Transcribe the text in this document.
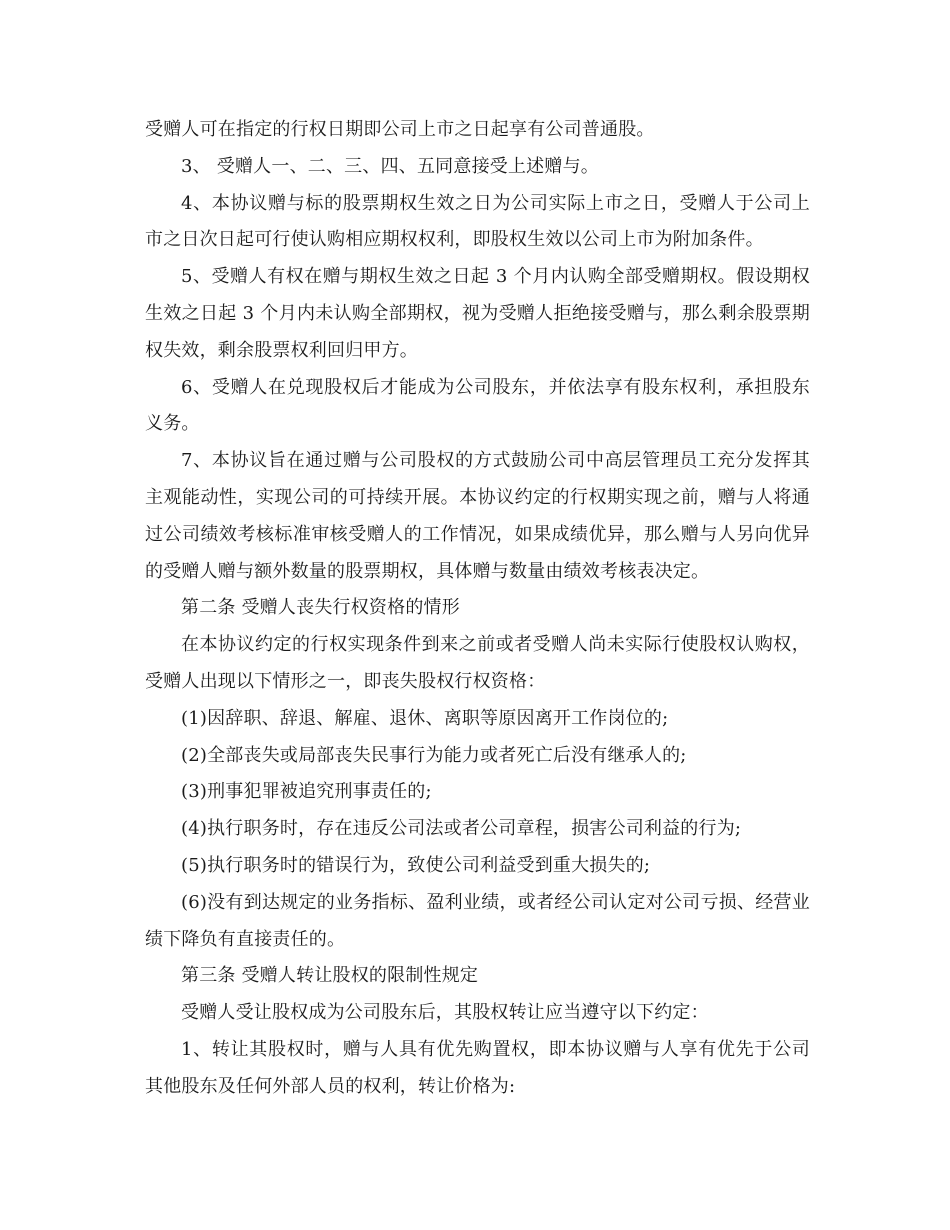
受赠人可在指定的行权日期即公司上市之日起享有公司普通股。

3、 受赠人一、二、三、四、五同意接受上述赠与。

4、本协议赠与标的股票期权生效之日为公司实际上市之日，受赠人于公司上市之日次日起可行使认购相应期权权利，即股权生效以公司上市为附加条件。

5、受赠人有权在赠与期权生效之日起 3 个月内认购全部受赠期权。假设期权生效之日起 3 个月内未认购全部期权，视为受赠人拒绝接受赠与，那么剩余股票期权失效，剩余股票权利回归甲方。

6、受赠人在兑现股权后才能成为公司股东，并依法享有股东权利，承担股东义务。

7、本协议旨在通过赠与公司股权的方式鼓励公司中高层管理员工充分发挥其主观能动性，实现公司的可持续开展。本协议约定的行权期实现之前，赠与人将通过公司绩效考核标准审核受赠人的工作情况，如果成绩优异，那么赠与人另向优异的受赠人赠与额外数量的股票期权，具体赠与数量由绩效考核表决定。

第二条 受赠人丧失行权资格的情形

在本协议约定的行权实现条件到来之前或者受赠人尚未实际行使股权认购权，受赠人出现以下情形之一，即丧失股权行权资格：

(1)因辞职、辞退、解雇、退休、离职等原因离开工作岗位的;

(2)全部丧失或局部丧失民事行为能力或者死亡后没有继承人的;

(3)刑事犯罪被追究刑事责任的;

(4)执行职务时，存在违反公司法或者公司章程，损害公司利益的行为;

(5)执行职务时的错误行为，致使公司利益受到重大损失的;

(6)没有到达规定的业务指标、盈利业绩，或者经公司认定对公司亏损、经营业绩下降负有直接责任的。

第三条 受赠人转让股权的限制性规定

受赠人受让股权成为公司股东后，其股权转让应当遵守以下约定：

1、转让其股权时，赠与人具有优先购置权，即本协议赠与人享有优先于公司其他股东及任何外部人员的权利，转让价格为:
